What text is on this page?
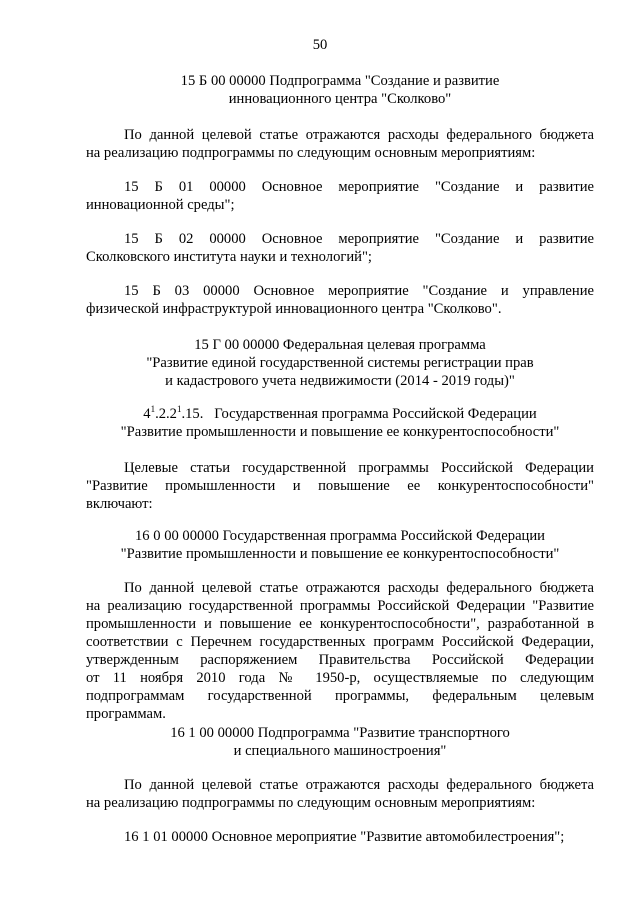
50
15 Б 00 00000 Подпрограмма "Создание и развитие
инновационного центра "Сколково"
По данной целевой статье отражаются расходы федерального бюджета
на реализацию подпрограммы по следующим основным мероприятиям:
15 Б 01 00000 Основное мероприятие "Создание и развитие
инновационной среды";
15 Б 02 00000 Основное мероприятие "Создание и развитие
Сколковского института науки и технологий";
15 Б 03 00000 Основное мероприятие "Создание и управление
физической инфраструктурой инновационного центра "Сколково".
15 Г 00 00000 Федеральная целевая программа
"Развитие единой государственной системы регистрации прав
и кадастрового учета недвижимости (2014 - 2019 годы)"
$4^1.2.2^1.15$. Государственная программа Российской Федерации
"Развитие промышленности и повышение ее конкурентоспособности"
Целевые статьи государственной программы Российской Федерации
"Развитие промышленности и повышение ее конкурентоспособности"
включают:
16 0 00 00000 Государственная программа Российской Федерации
"Развитие промышленности и повышение ее конкурентоспособности"
По данной целевой статье отражаются расходы федерального бюджета
на реализацию государственной программы Российской Федерации "Развитие
промышленности и повышение ее конкурентоспособности", разработанной в
соответствии с Перечнем государственных программ Российской Федерации,
утвержденным распоряжением Правительства Российской Федерации
от 11 ноября 2010 года № 1950-р, осуществляемые по следующим
подпрограммам государственной программы, федеральным целевым
программам.
16 1 00 00000 Подпрограмма "Развитие транспортного
и специального машиностроения"
По данной целевой статье отражаются расходы федерального бюджета
на реализацию подпрограммы по следующим основным мероприятиям:
16 1 01 00000 Основное мероприятие "Развитие автомобилестроения";
